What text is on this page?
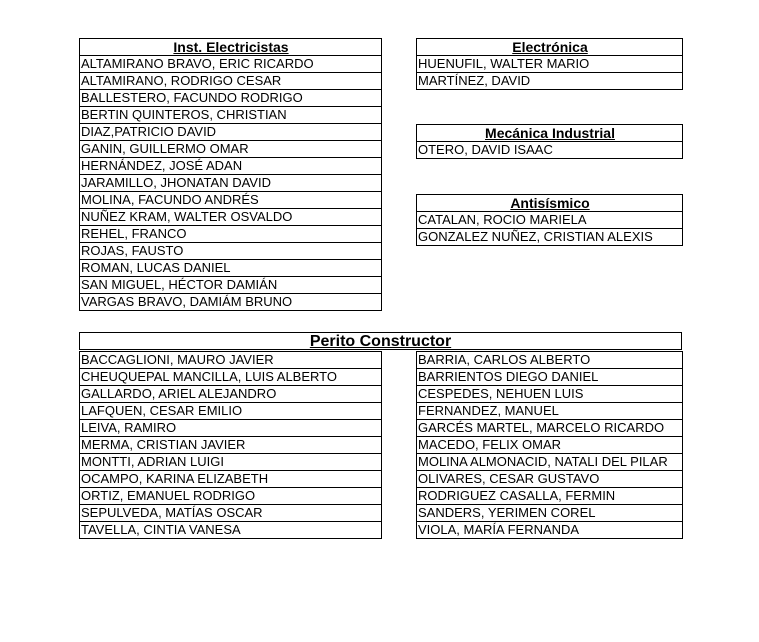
Inst. Electricistas
ALTAMIRANO BRAVO, ERIC RICARDO
ALTAMIRANO, RODRIGO CESAR
BALLESTERO, FACUNDO RODRIGO
BERTIN QUINTEROS, CHRISTIAN
DIAZ,PATRICIO DAVID
GANIN, GUILLERMO OMAR
HERNÁNDEZ, JOSÉ ADAN
JARAMILLO, JHONATAN DAVID
MOLINA, FACUNDO ANDRÉS
NUÑEZ KRAM, WALTER OSVALDO
REHEL, FRANCO
ROJAS, FAUSTO
ROMAN, LUCAS DANIEL
SAN MIGUEL, HÉCTOR DAMIÁN
VARGAS BRAVO, DAMIÁM BRUNO
Electrónica
HUENUFIL, WALTER MARIO
MARTÍNEZ, DAVID
Mecánica Industrial
OTERO, DAVID ISAAC
Antisísmico
CATALAN, ROCIO MARIELA
GONZALEZ NUÑEZ, CRISTIAN ALEXIS
Perito Constructor
BACCAGLIONI, MAURO JAVIER
CHEUQUEPAL MANCILLA, LUIS ALBERTO
GALLARDO, ARIEL ALEJANDRO
LAFQUEN, CESAR EMILIO
LEIVA, RAMIRO
MERMA, CRISTIAN JAVIER
MONTTI, ADRIAN LUIGI
OCAMPO, KARINA ELIZABETH
ORTIZ, EMANUEL RODRIGO
SEPULVEDA, MATÍAS OSCAR
TAVELLA, CINTIA VANESA
BARRIA, CARLOS ALBERTO
BARRIENTOS DIEGO DANIEL
CESPEDES, NEHUEN LUIS
FERNANDEZ, MANUEL
GARCÉS MARTEL, MARCELO RICARDO
MACEDO, FELIX OMAR
MOLINA ALMONACID, NATALI DEL PILAR
OLIVARES, CESAR GUSTAVO
RODRIGUEZ CASALLA, FERMIN
SANDERS, YERIMEN COREL
VIOLA, MARÍA FERNANDA
